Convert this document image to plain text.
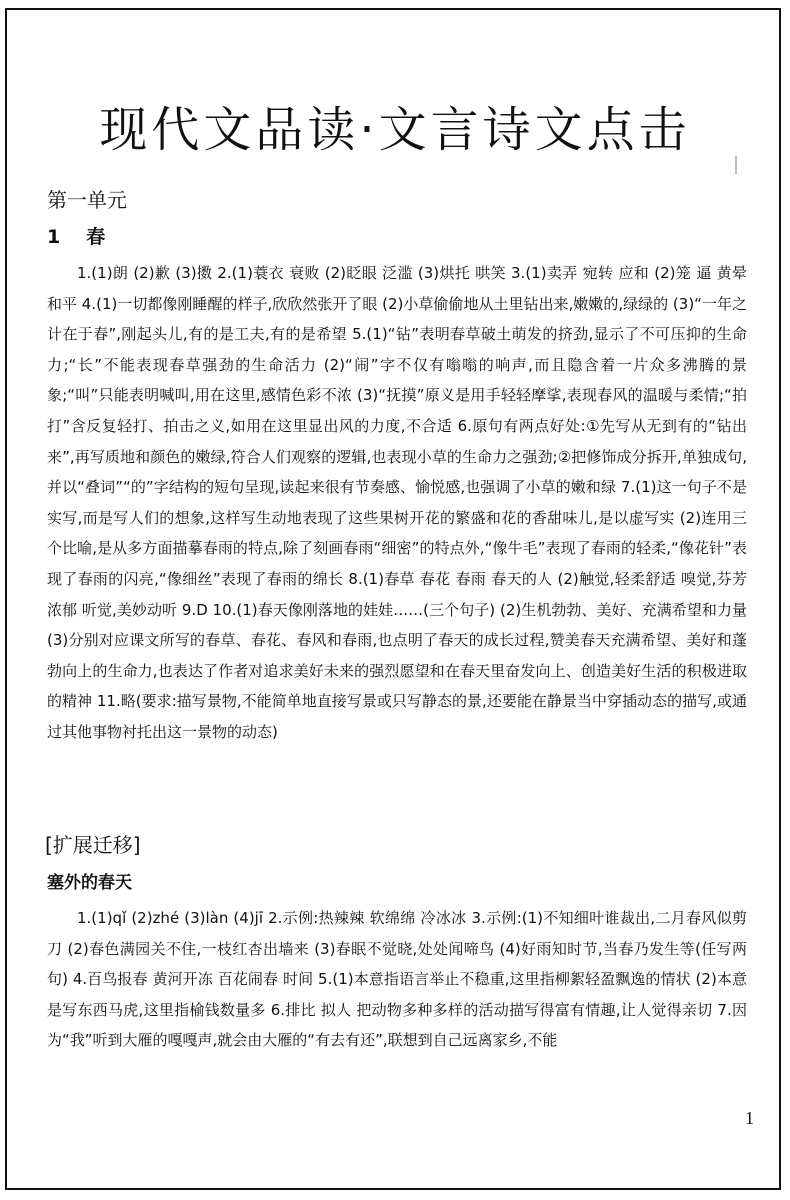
现代文品读·文言诗文点击
第一单元
1 春

1.(1)朗 (2)歉 (3)擞 2.(1)蓑衣 衰败 (2)眨眼 泛滥 (3)烘托 哄笑 3.(1)卖弄 宛转 应和 (2)笼 逼 黄晕 和平 4.(1)一切都像刚睡醒的样子,欣欣然张开了眼 (2)小草偷偷地从土里钻出来,嫩嫩的,绿绿的 (3)“一年之计在于春”,刚起头儿,有的是工夫,有的是希望 5.(1)“钻”表明春草破土萌发的挤劲,显示了不可压抑的生命力;“长”不能表现春草强劲的生命活力 (2)“闹”字不仅有嗡嗡的响声,而且隐含着一片众多沸腾的景象;“叫”只能表明喊叫,用在这里,感情色彩不浓 (3)“抚摸”原义是用手轻轻摩挲,表现春风的温暖与柔情;“拍打”含反复轻打、拍击之义,如用在这里显出风的力度,不合适 6.原句有两点好处:①先写从无到有的“钻出来”,再写质地和颜色的嫩绿,符合人们观察的逻辑,也表现小草的生命力之强劲;②把修饰成分拆开,单独成句,并以“叠词”“的”字结构的短句呈现,读起来很有节奏感、愉悦感,也强调了小草的嫩和绿 7.(1)这一句子不是实写,而是写人们的想象,这样写生动地表现了这些果树开花的繁盛和花的香甜味儿,是以虚写实 (2)连用三个比喻,是从多方面描摹春雨的特点,除了刻画春雨“细密”的特点外,“像牛毛”表现了春雨的轻柔,“像花针”表现了春雨的闪亮,“像细丝”表现了春雨的绵长 8.(1)春草 春花 春雨 春天的人 (2)触觉,轻柔舒适 嗅觉,芬芳浓郁 听觉,美妙动听 9.D 10.(1)春天像刚落地的娃娃……(三个句子) (2)生机勃勃、美好、充满希望和力量 (3)分别对应课文所写的春草、春花、春风和春雨,也点明了春天的成长过程,赞美春天充满希望、美好和蓬勃向上的生命力,也表达了作者对追求美好未来的强烈愿望和在春天里奋发向上、创造美好生活的积极进取的精神 11.略(要求:描写景物,不能简单地直接写景或只写静态的景,还要能在静景当中穿插动态的描写,或通过其他事物衬托出这一景物的动态)

[扩展迁移]
塞外的春天

1.(1)qǐ (2)zhé (3)làn (4)jī 2.示例:热辣辣 软绵绵 冷冰冰 3.示例:(1)不知细叶谁裁出,二月春风似剪刀 (2)春色满园关不住,一枝红杏出墙来 (3)春眠不觉晓,处处闻啼鸟 (4)好雨知时节,当春乃发生等(任写两句) 4.百鸟报春 黄河开冻 百花闹春 时间 5.(1)本意指语言举止不稳重,这里指柳絮轻盈飘逸的情状 (2)本意是写东西马虎,这里指榆钱数量多 6.排比 拟人 把动物多种多样的活动描写得富有情趣,让人觉得亲切 7.因为“我”听到大雁的嘎嘎声,就会由大雁的“有去有还”,联想到自己远离家乡,不能

1
